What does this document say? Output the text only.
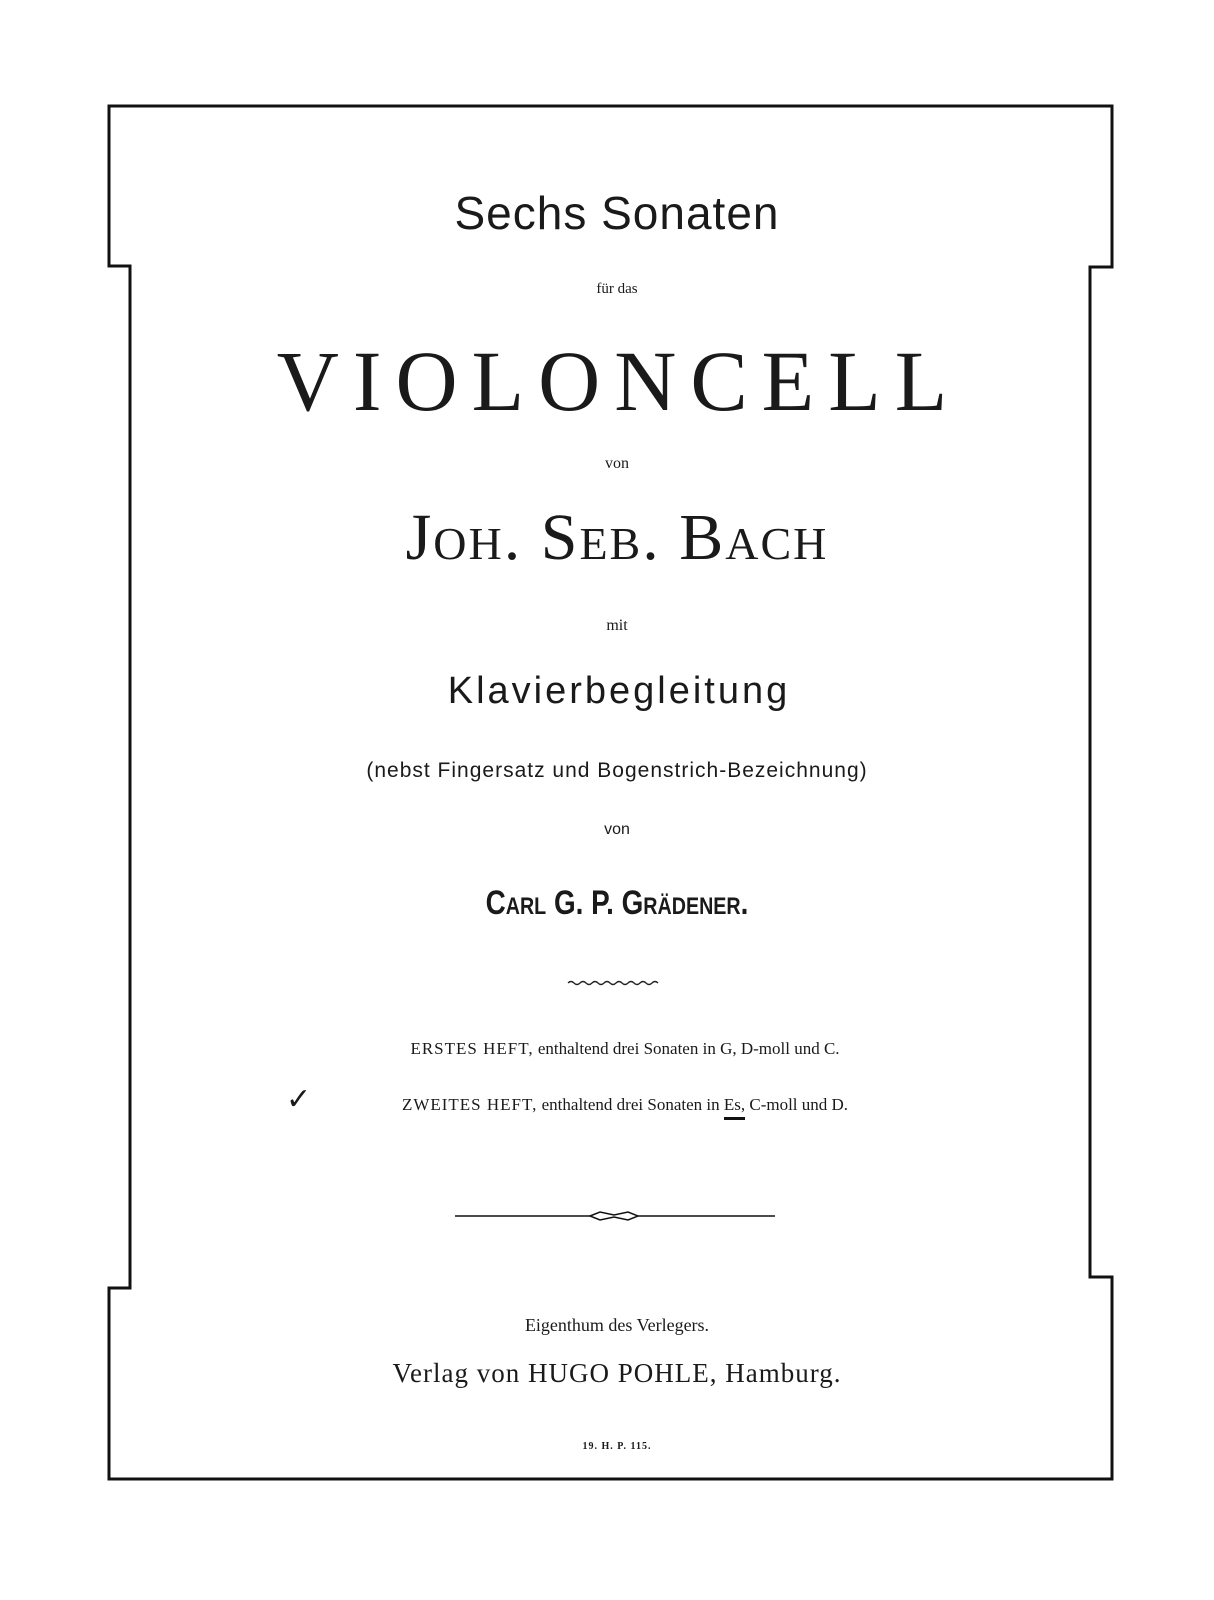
Sechs Sonaten
für das
VIOLONCELL
von
Joh. Seb. Bach
mit
Klavierbegleitung
(nebst Fingersatz und Bogenstrich-Bezeichnung)
von
Carl G. P. Grädener.
ERSTES HEFT, enthaltend drei Sonaten in G, D-moll und C.
✓	ZWEITES HEFT, enthaltend drei Sonaten in Es, C-moll und D.
Eigenthum des Verlegers.
Verlag von HUGO POHLE, Hamburg.
19. H. P. 115.
